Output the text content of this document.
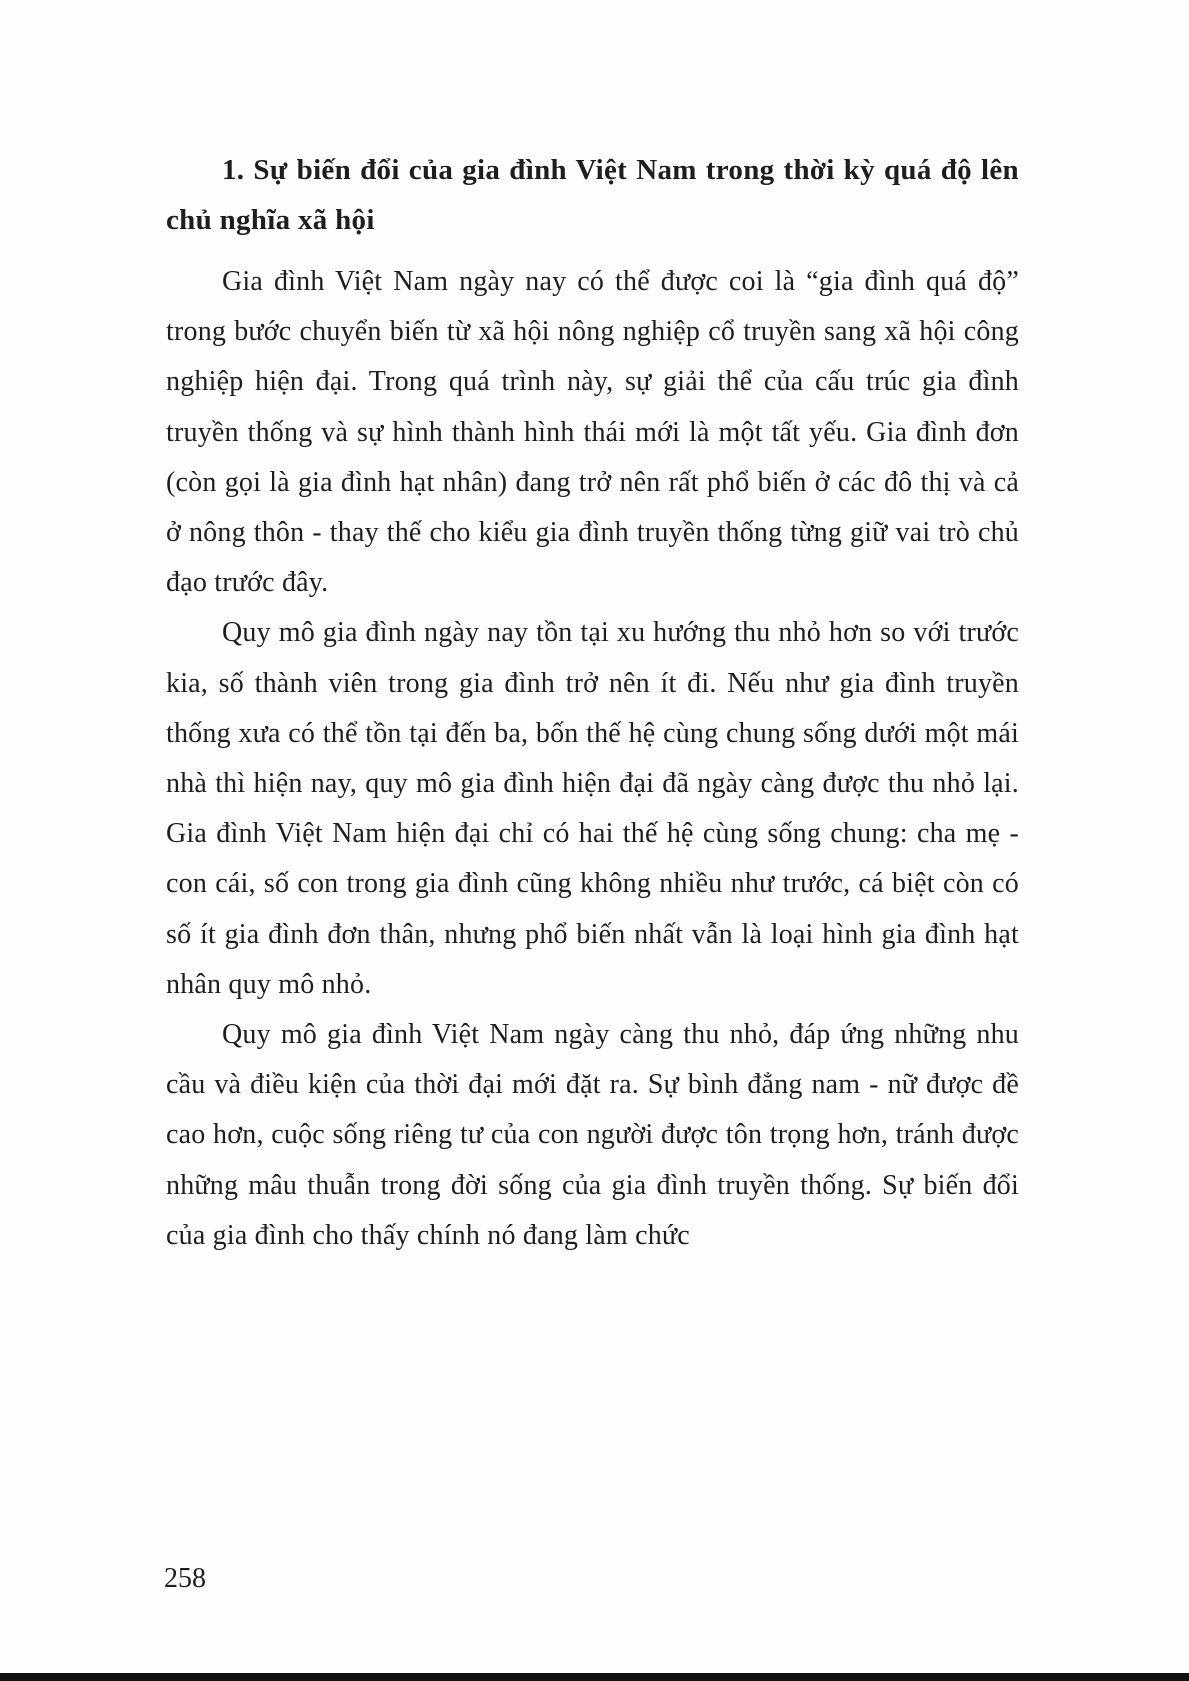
1. Sự biến đổi của gia đình Việt Nam trong thời kỳ quá độ lên chủ nghĩa xã hội

Gia đình Việt Nam ngày nay có thể được coi là “gia đình quá độ” trong bước chuyển biến từ xã hội nông nghiệp cổ truyền sang xã hội công nghiệp hiện đại. Trong quá trình này, sự giải thể của cấu trúc gia đình truyền thống và sự hình thành hình thái mới là một tất yếu. Gia đình đơn (còn gọi là gia đình hạt nhân) đang trở nên rất phổ biến ở các đô thị và cả ở nông thôn - thay thế cho kiểu gia đình truyền thống từng giữ vai trò chủ đạo trước đây.

Quy mô gia đình ngày nay tồn tại xu hướng thu nhỏ hơn so với trước kia, số thành viên trong gia đình trở nên ít đi. Nếu như gia đình truyền thống xưa có thể tồn tại đến ba, bốn thế hệ cùng chung sống dưới một mái nhà thì hiện nay, quy mô gia đình hiện đại đã ngày càng được thu nhỏ lại. Gia đình Việt Nam hiện đại chỉ có hai thế hệ cùng sống chung: cha mẹ - con cái, số con trong gia đình cũng không nhiều như trước, cá biệt còn có số ít gia đình đơn thân, nhưng phổ biến nhất vẫn là loại hình gia đình hạt nhân quy mô nhỏ.

Quy mô gia đình Việt Nam ngày càng thu nhỏ, đáp ứng những nhu cầu và điều kiện của thời đại mới đặt ra. Sự bình đẳng nam - nữ được đề cao hơn, cuộc sống riêng tư của con người được tôn trọng hơn, tránh được những mâu thuẫn trong đời sống của gia đình truyền thống. Sự biến đổi của gia đình cho thấy chính nó đang làm chức

258
